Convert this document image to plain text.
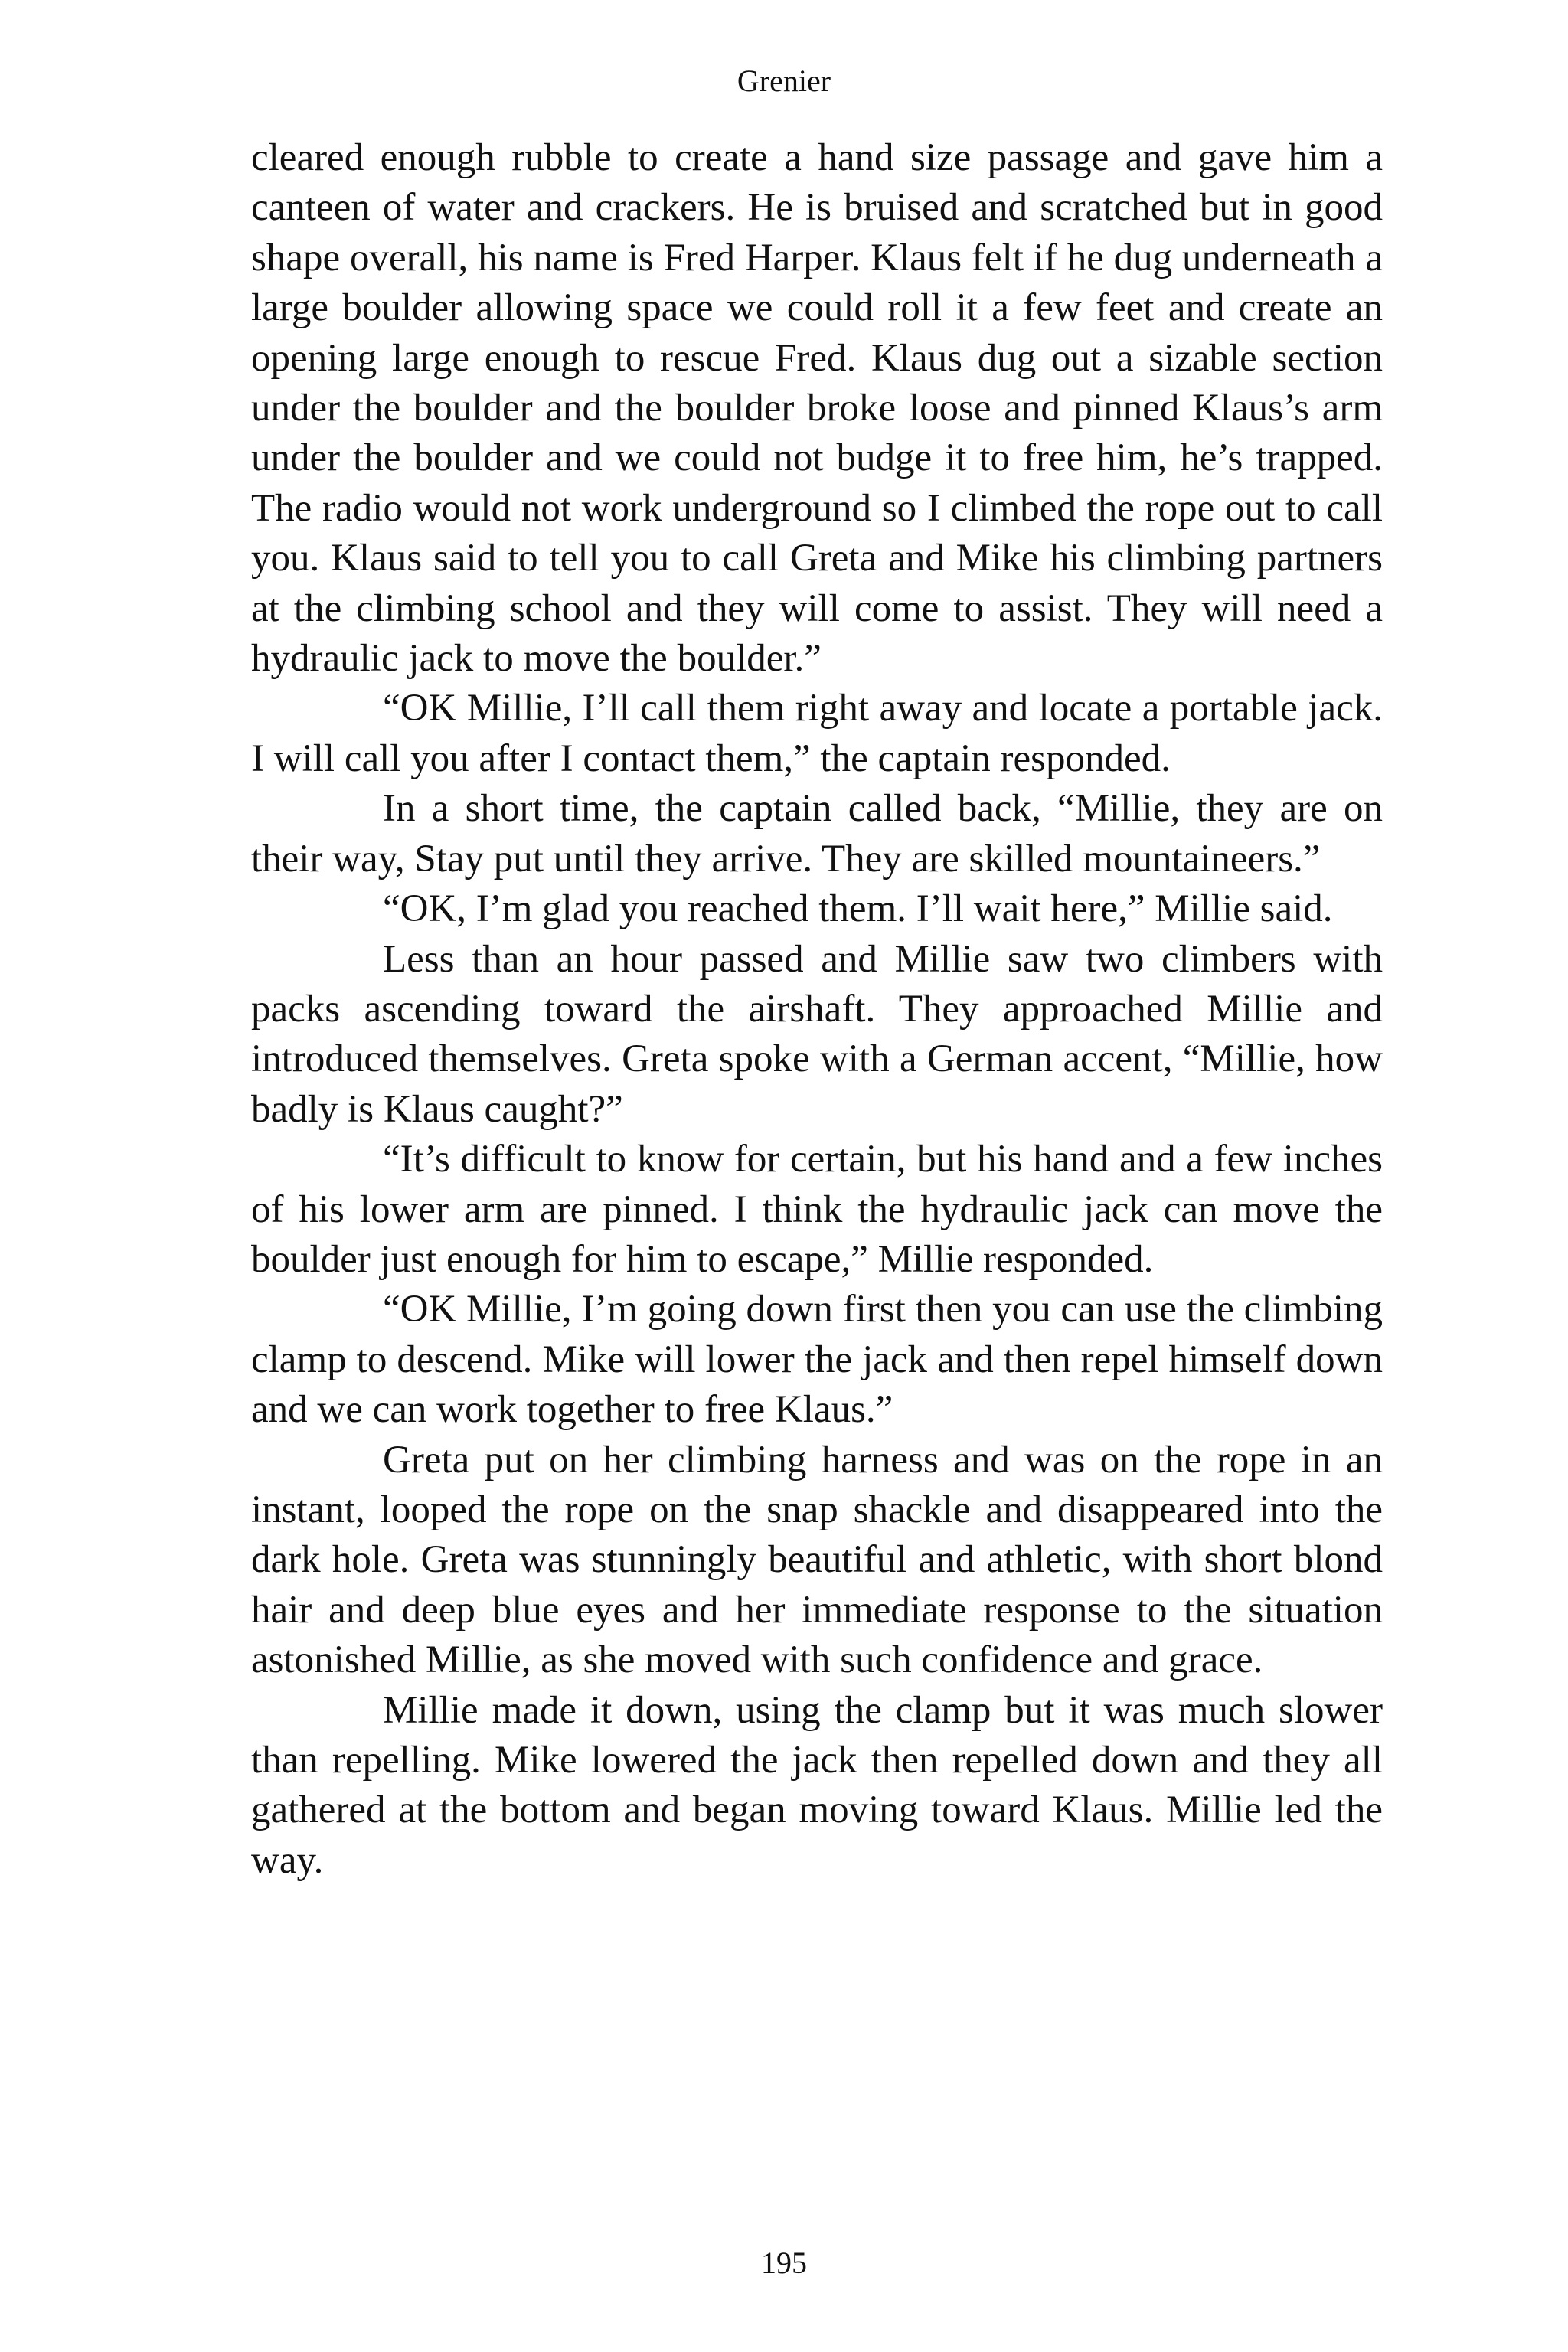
Grenier

cleared enough rubble to create a hand size passage and gave him a canteen of water and crackers. He is bruised and scratched but in good shape overall, his name is Fred Harper. Klaus felt if he dug underneath a large boulder allowing space we could roll it a few feet and create an opening large enough to rescue Fred. Klaus dug out a sizable section under the boulder and the boulder broke loose and pinned Klaus’s arm under the boulder and we could not budge it to free him, he’s trapped. The radio would not work underground so I climbed the rope out to call you. Klaus said to tell you to call Greta and Mike his climbing partners at the climbing school and they will come to assist. They will need a hydraulic jack to move the boulder.”

“OK Millie, I’ll call them right away and locate a portable jack. I will call you after I contact them,” the captain responded.

In a short time, the captain called back, “Millie, they are on their way, Stay put until they arrive. They are skilled mountaineers.”

“OK, I’m glad you reached them. I’ll wait here,” Millie said.

Less than an hour passed and Millie saw two climbers with packs ascending toward the airshaft. They approached Millie and introduced themselves. Greta spoke with a German accent, “Millie, how badly is Klaus caught?”

“It’s difficult to know for certain, but his hand and a few inches of his lower arm are pinned. I think the hydraulic jack can move the boulder just enough for him to escape,” Millie responded.

“OK Millie, I’m going down first then you can use the climbing clamp to descend. Mike will lower the jack and then repel himself down and we can work together to free Klaus.”

Greta put on her climbing harness and was on the rope in an instant, looped the rope on the snap shackle and disappeared into the dark hole. Greta was stunningly beautiful and athletic, with short blond hair and deep blue eyes and her immediate response to the situation astonished Millie, as she moved with such confidence and grace.

Millie made it down, using the clamp but it was much slower than repelling. Mike lowered the jack then repelled down and they all gathered at the bottom and began moving toward Klaus. Millie led the way.

195
